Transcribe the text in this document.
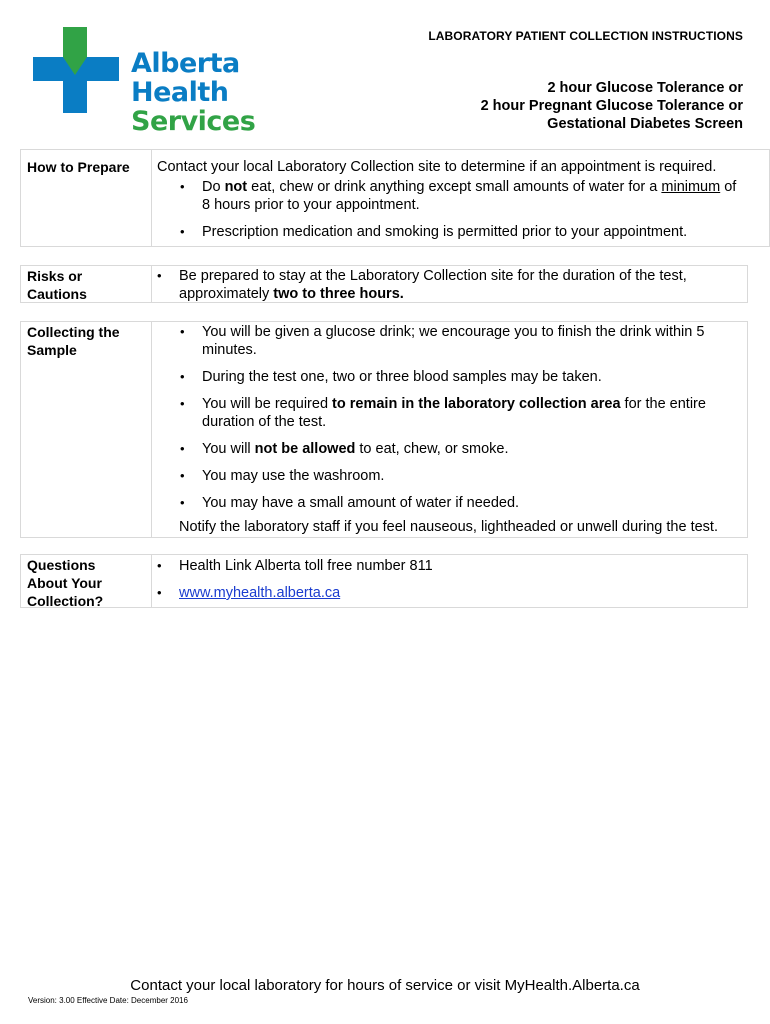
LABORATORY PATIENT COLLECTION INSTRUCTIONS
Alberta Health
Services
2 hour Glucose Tolerance or
2 hour Pregnant Glucose Tolerance or
Gestational Diabetes Screen
How to Prepare	Contact your local Laboratory Collection site to determine if an appointment is required.
• Do not eat, chew or drink anything except small amounts of water for a minimum of 8 hours prior to your appointment.
• Prescription medication and smoking is permitted prior to your appointment.
Risks or
Cautions
• Be prepared to stay at the Laboratory Collection site for the duration of the test, approximately two to three hours.
Collecting the
Sample
• You will be given a glucose drink; we encourage you to finish the drink within 5 minutes.
• During the test one, two or three blood samples may be taken.
• You will be required to remain in the laboratory collection area for the entire duration of the test.
• You will not be allowed to eat, chew, or smoke.
• You may use the washroom.
• You may have a small amount of water if needed.
Notify the laboratory staff if you feel nauseous, lightheaded or unwell during the test.
Questions
About Your
Collection?
• Health Link Alberta toll free number 811
• www.myhealth.alberta.ca
Contact your local laboratory for hours of service or visit MyHealth.Alberta.ca
Version: 3.00 Effective Date: December 2016
